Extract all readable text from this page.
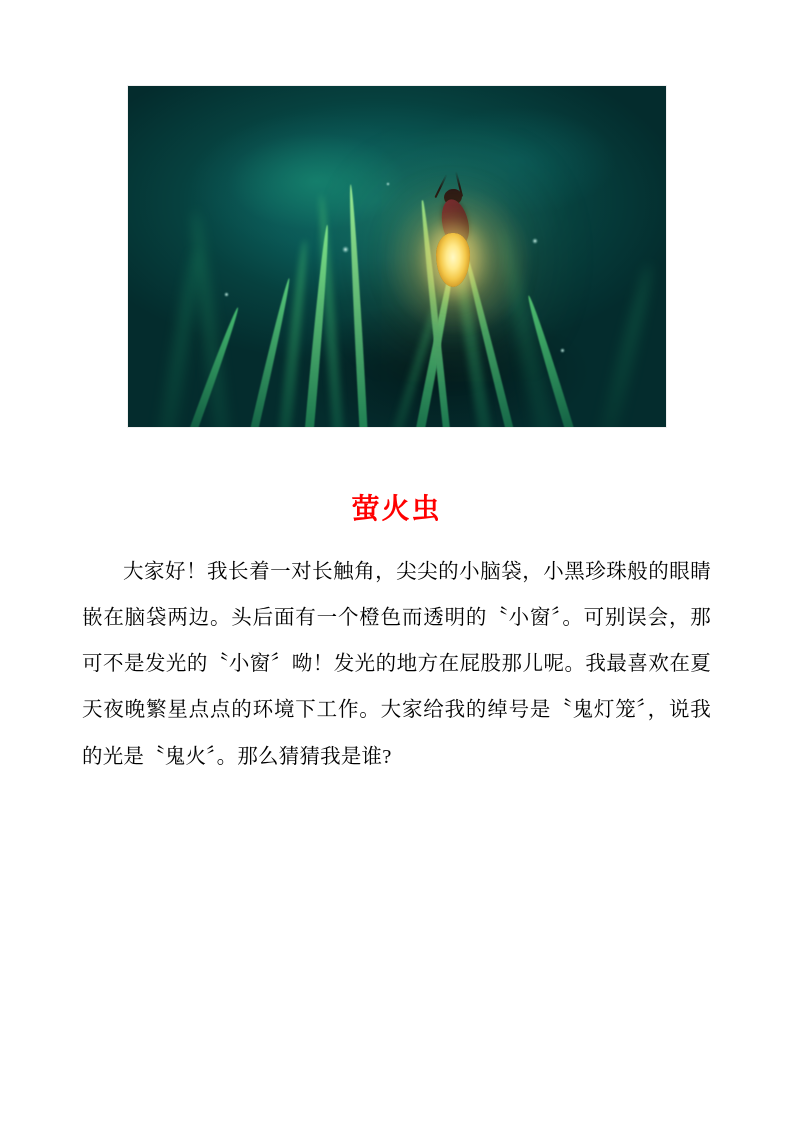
萤火虫

大家好！我长着一对长触角，尖尖的小脑袋，小黑珍珠般的眼睛嵌在脑袋两边。头后面有一个橙色而透明的〝小窗〞。可别误会，那可不是发光的〝小窗〞呦！发光的地方在屁股那儿呢。我最喜欢在夏天夜晚繁星点点的环境下工作。大家给我的绰号是〝鬼灯笼〞，说我的光是〝鬼火〞。那么猜猜我是谁?
